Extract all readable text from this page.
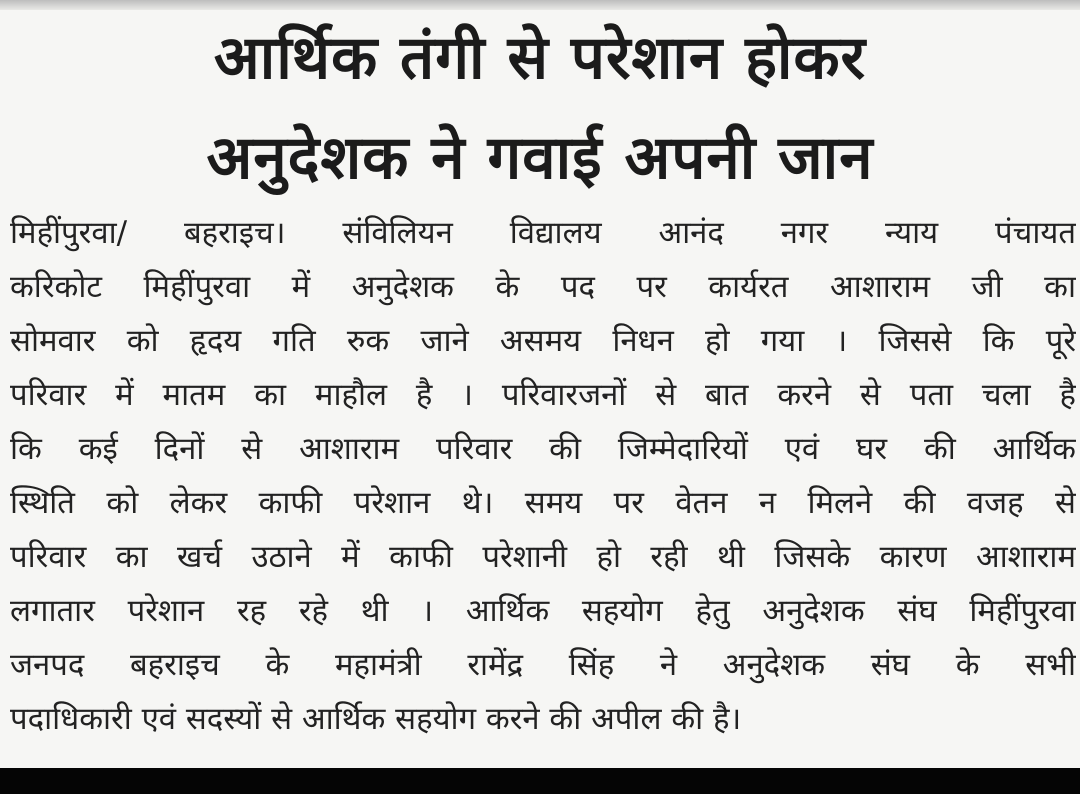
आर्थिक तंगी से परेशान होकर
अनुदेशक ने गवाई अपनी जान
मिहींपुरवा/ बहराइच। संविलियन विद्यालय आनंद नगर न्याय पंचायत
करिकोट मिहींपुरवा में अनुदेशक के पद पर कार्यरत आशाराम जी का
सोमवार को हृदय गति रुक जाने असमय निधन हो गया । जिससे कि पूरे
परिवार में मातम का माहौल है । परिवारजनों से बात करने से पता चला है
कि कई दिनों से आशाराम परिवार की जिम्मेदारियों एवं घर की आर्थिक
स्थिति को लेकर काफी परेशान थे। समय पर वेतन न मिलने की वजह से
परिवार का खर्च उठाने में काफी परेशानी हो रही थी जिसके कारण आशाराम
लगातार परेशान रह रहे थी । आर्थिक सहयोग हेतु अनुदेशक संघ मिहींपुरवा
जनपद बहराइच के महामंत्री रामेंद्र सिंह ने अनुदेशक संघ के सभी
पदाधिकारी एवं सदस्यों से आर्थिक सहयोग करने की अपील की है।
